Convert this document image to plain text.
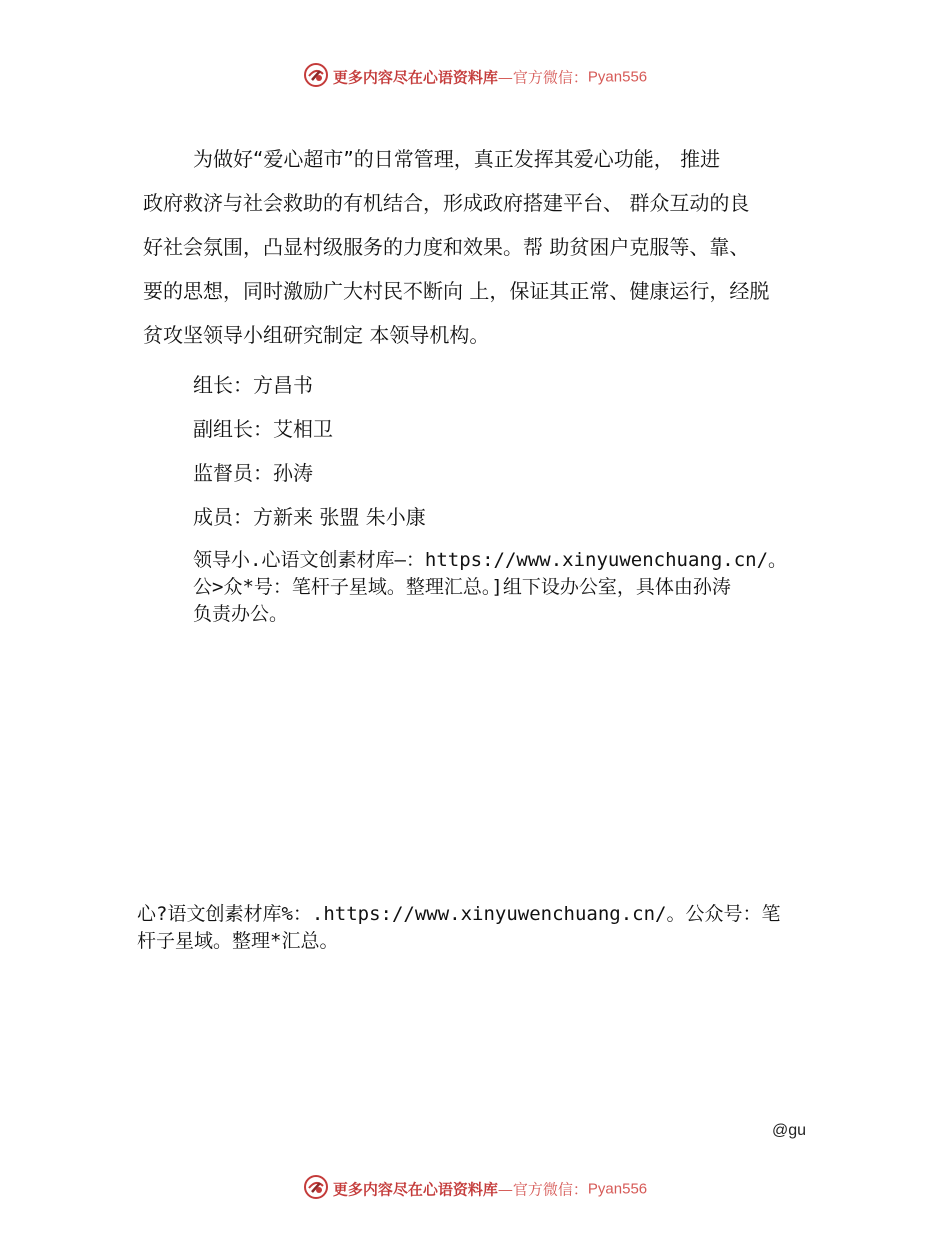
更多内容尽在心语资料库—官方微信：Pyan556
为做好“爱心超市”的日常管理，真正发挥其爱心功能， 推进
政府救济与社会救助的有机结合，形成政府搭建平台、 群众互动的良
好社会氛围，凸显村级服务的力度和效果。帮 助贫困户克服等、靠、
要的思想，同时激励广大村民不断向 上，保证其正常、健康运行，经脱
贫攻坚领导小组研究制定 本领导机构。
组长：方昌书
副组长：艾相卫
监督员：孙涛
成员：方新来 张盟 朱小康
领导小.心语文创素材库—：https://www.xinyuwenchuang.cn/。
公>众*号：笔杆子星域。整理汇总。]组下设办公室，具体由孙涛
负责办公。
心?语文创素材库%：.https://www.xinyuwenchuang.cn/。公众号：笔
杆子星域。整理*汇总。
@gu
更多内容尽在心语资料库—官方微信：Pyan556
